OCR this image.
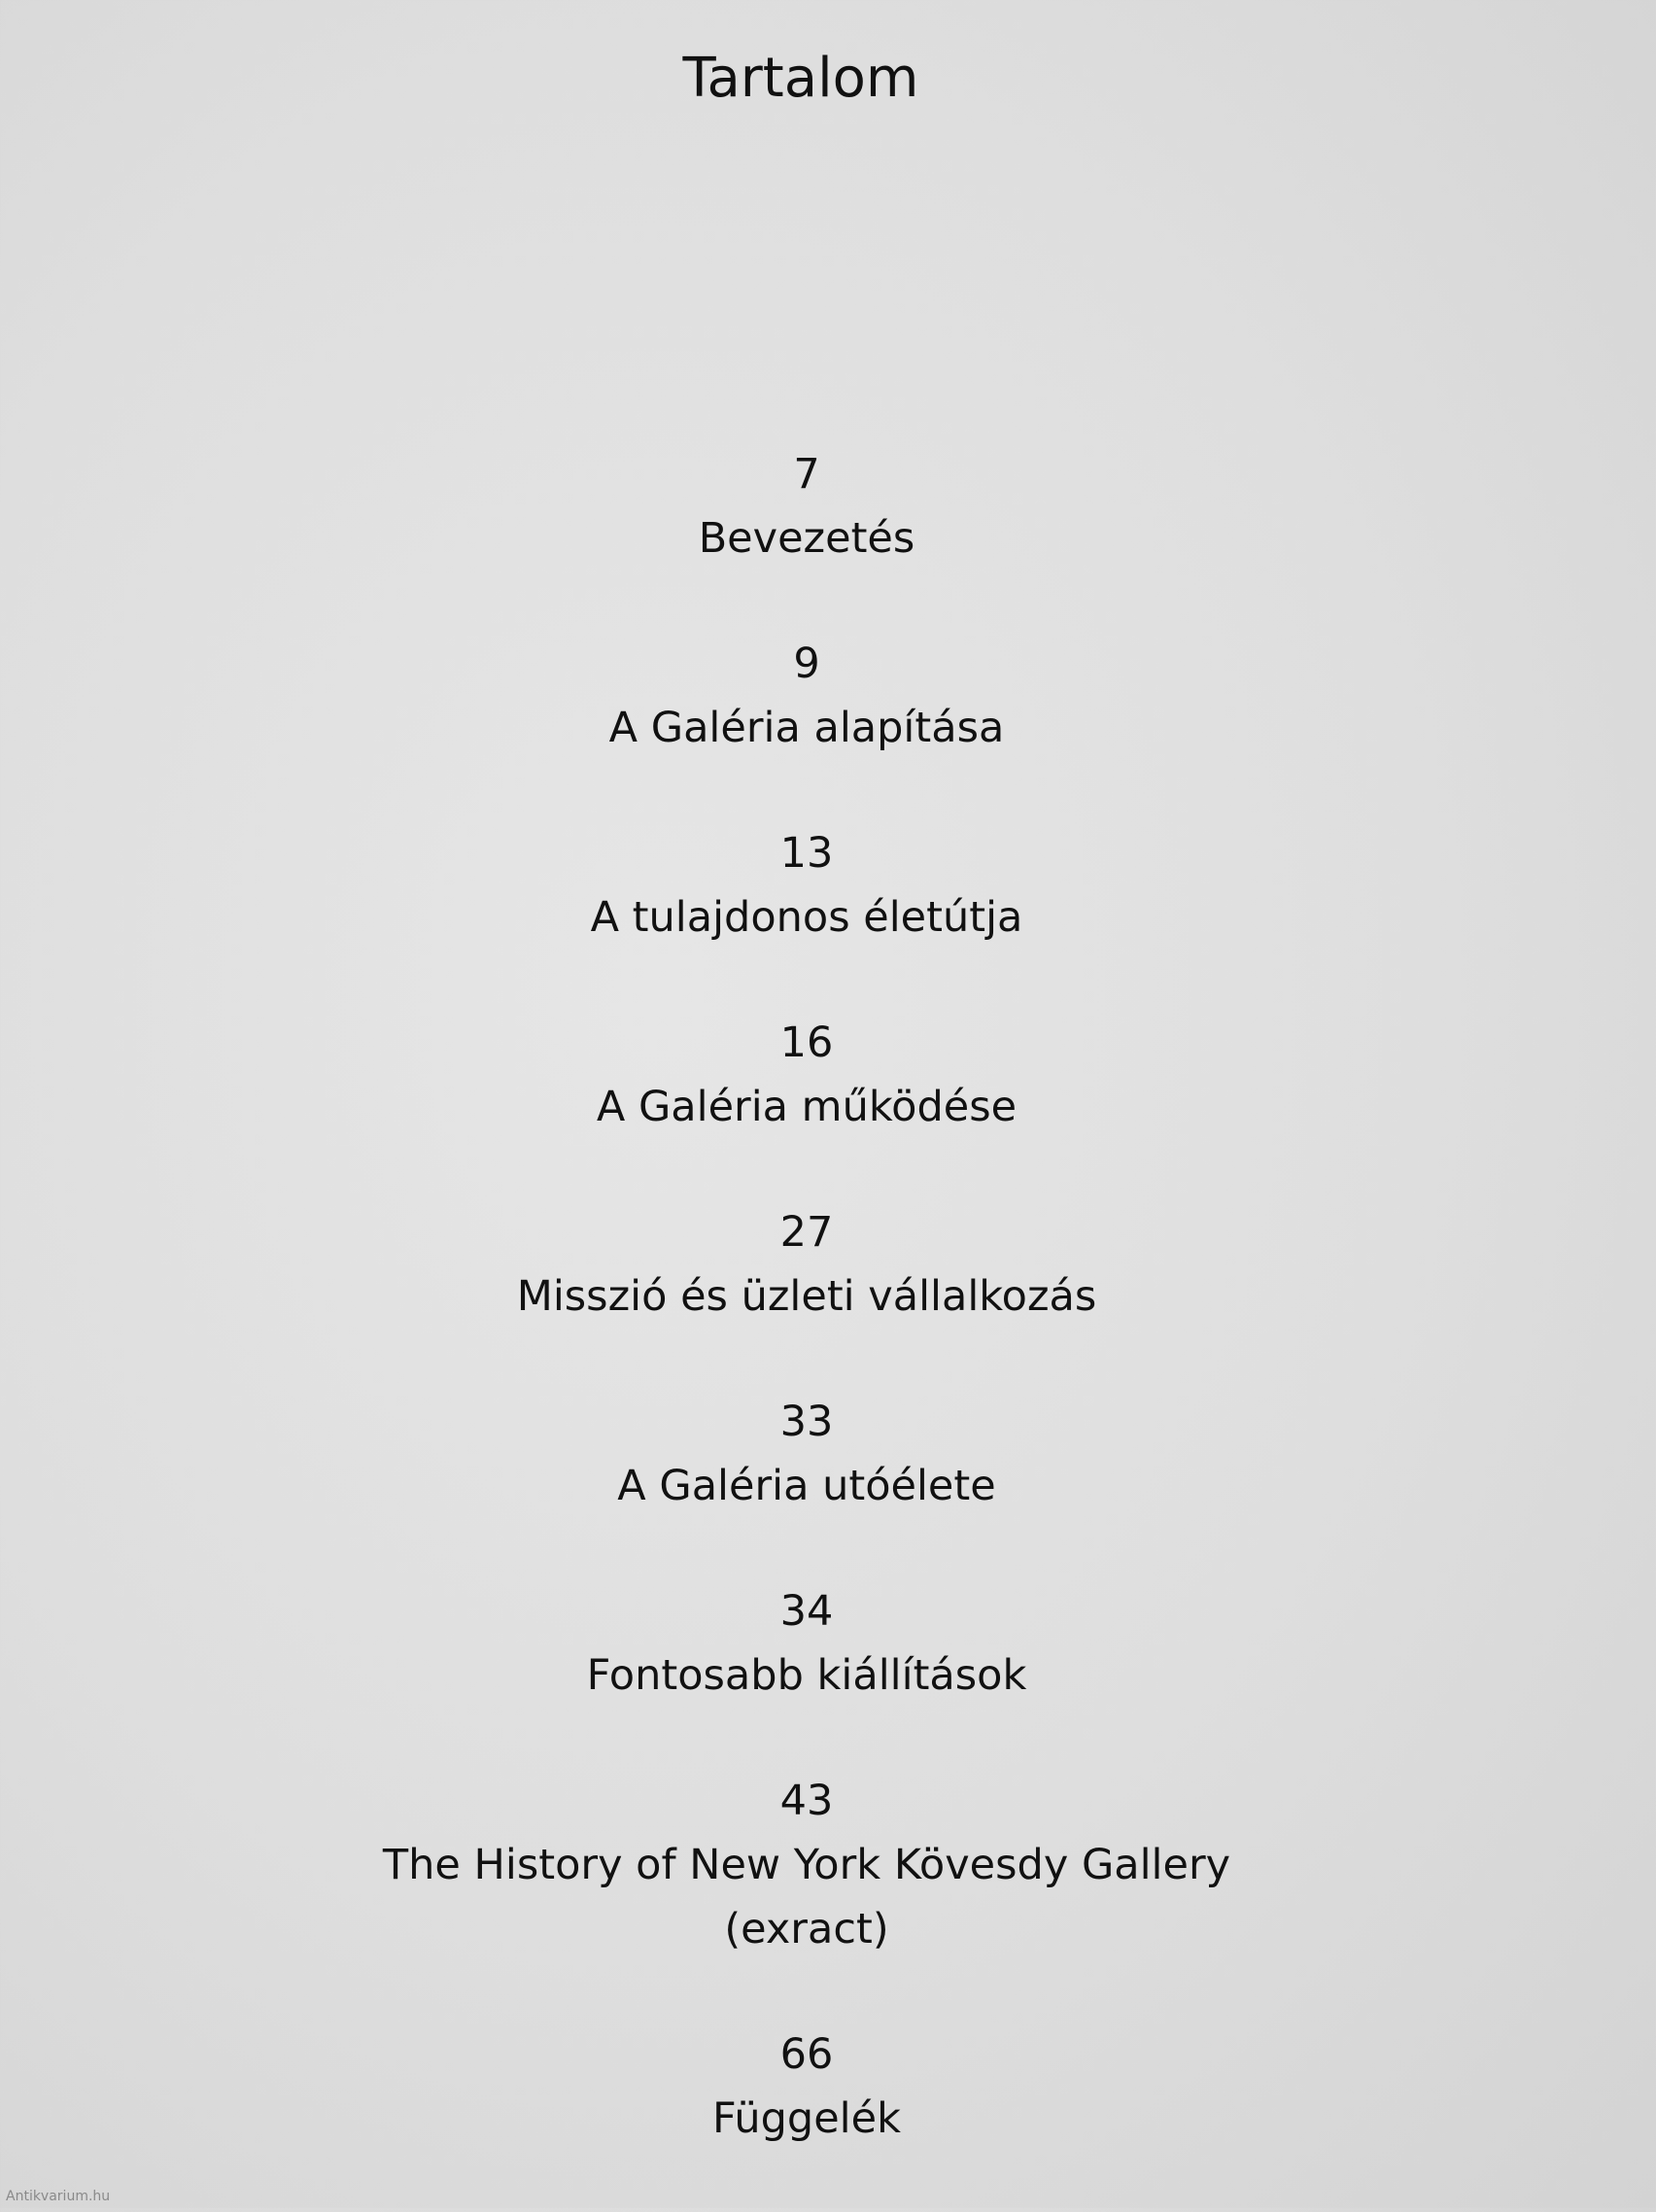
Tartalom
7
Bevezetés
9
A Galéria alapítása
13
A tulajdonos életútja
16
A Galéria működése
27
Misszió és üzleti vállalkozás
33
A Galéria utóélete
34
Fontosabb kiállítások
43
The History of New York Kövesdy Gallery
(exract)
66
Függelék
Antikvarium.hu
